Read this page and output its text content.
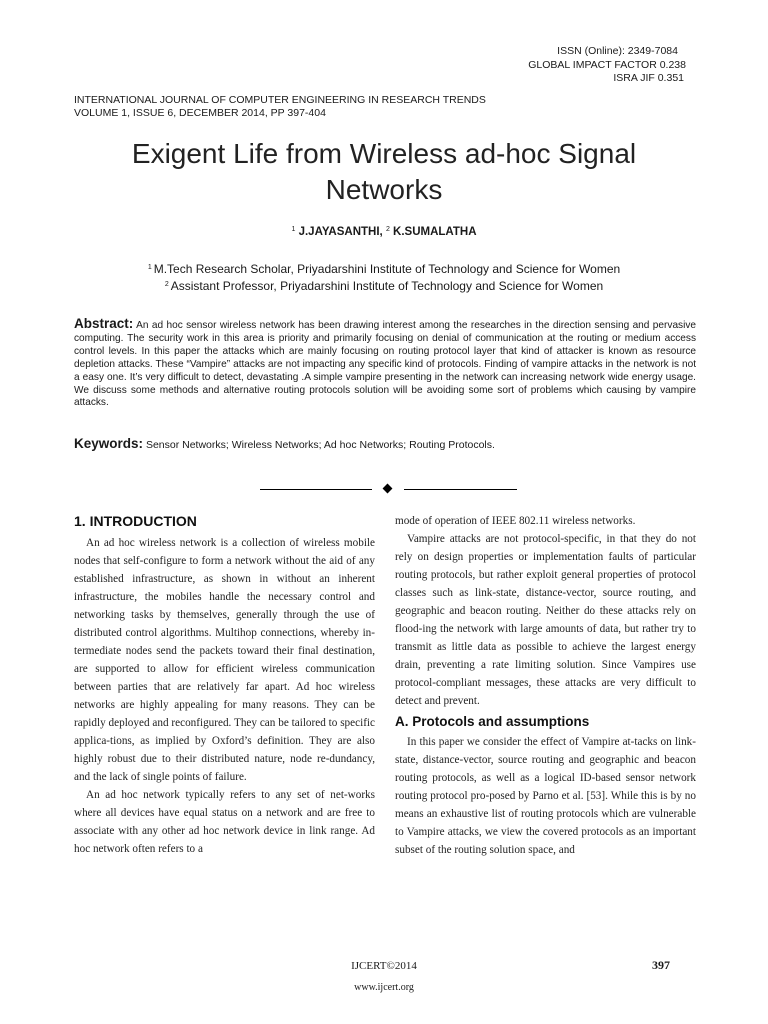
ISSN (Online): 2349-7084
GLOBAL IMPACT FACTOR 0.238
ISRA JIF 0.351
INTERNATIONAL JOURNAL OF COMPUTER ENGINEERING IN RESEARCH TRENDS
VOLUME 1, ISSUE 6, DECEMBER 2014, PP 397-404
Exigent Life from Wireless ad-hoc Signal Networks
$^1$ J.JAYASANTHI, $^2$ K.SUMALATHA
$^1$ M.Tech Research Scholar, Priyadarshini Institute of Technology and Science for Women
$^2$ Assistant Professor, Priyadarshini Institute of Technology and Science for Women
Abstract: An ad hoc sensor wireless network has been drawing interest among the researches in the direction sensing and pervasive computing. The security work in this area is priority and primarily focusing on denial of communication at the routing or medium access control levels. In this paper the attacks which are mainly focusing on routing protocol layer that kind of attacker is known as resource depletion attacks. These “Vampire” attacks are not impacting any specific kind of protocols. Finding of vampire attacks in the network is not a easy one. It’s very difficult to detect, devastating .A simple vampire presenting in the network can increasing network wide energy usage. We discuss some methods and alternative routing protocols solution will be avoiding some sort of problems which causing by vampire attacks.
Keywords: Sensor Networks; Wireless Networks; Ad hoc Networks; Routing Protocols.
1. INTRODUCTION

An ad hoc wireless network is a collection of wireless mobile nodes that self-configure to form a network without the aid of any established infrastructure, as shown in without an inherent infrastructure, the mobiles handle the necessary control and networking tasks by themselves, generally through the use of distributed control algorithms. Multihop connections, whereby in-termediate nodes send the packets toward their final destination, are supported to allow for efficient wireless communication between parties that are relatively far apart. Ad hoc wireless networks are highly appealing for many reasons. They can be rapidly deployed and reconfigured. They can be tailored to specific applica-tions, as implied by Oxford’s definition. They are also highly robust due to their distributed nature, node re-dundancy, and the lack of single points of failure.

An ad hoc network typically refers to any set of net-works where all devices have equal status on a network and are free to associate with any other ad hoc network device in link range. Ad hoc network often refers to a

mode of operation of IEEE 802.11 wireless networks.

Vampire attacks are not protocol-specific, in that they do not rely on design properties or implementation faults of particular routing protocols, but rather exploit general properties of protocol classes such as link-state, distance-vector, source routing, and geographic and beacon routing. Neither do these attacks rely on flood-ing the network with large amounts of data, but rather try to transmit as little data as possible to achieve the largest energy drain, preventing a rate limiting solution. Since Vampires use protocol-compliant messages, these attacks are very difficult to detect and prevent.

A. Protocols and assumptions

In this paper we consider the effect of Vampire at-tacks on link-state, distance-vector, source routing and geographic and beacon routing protocols, as well as a logical ID-based sensor network routing protocol pro-posed by Parno et al. [53]. While this is by no means an exhaustive list of routing protocols which are vulnerable to Vampire attacks, we view the covered protocols as an important subset of the routing solution space, and

IJCERT©2014	397
www.ijcert.org
